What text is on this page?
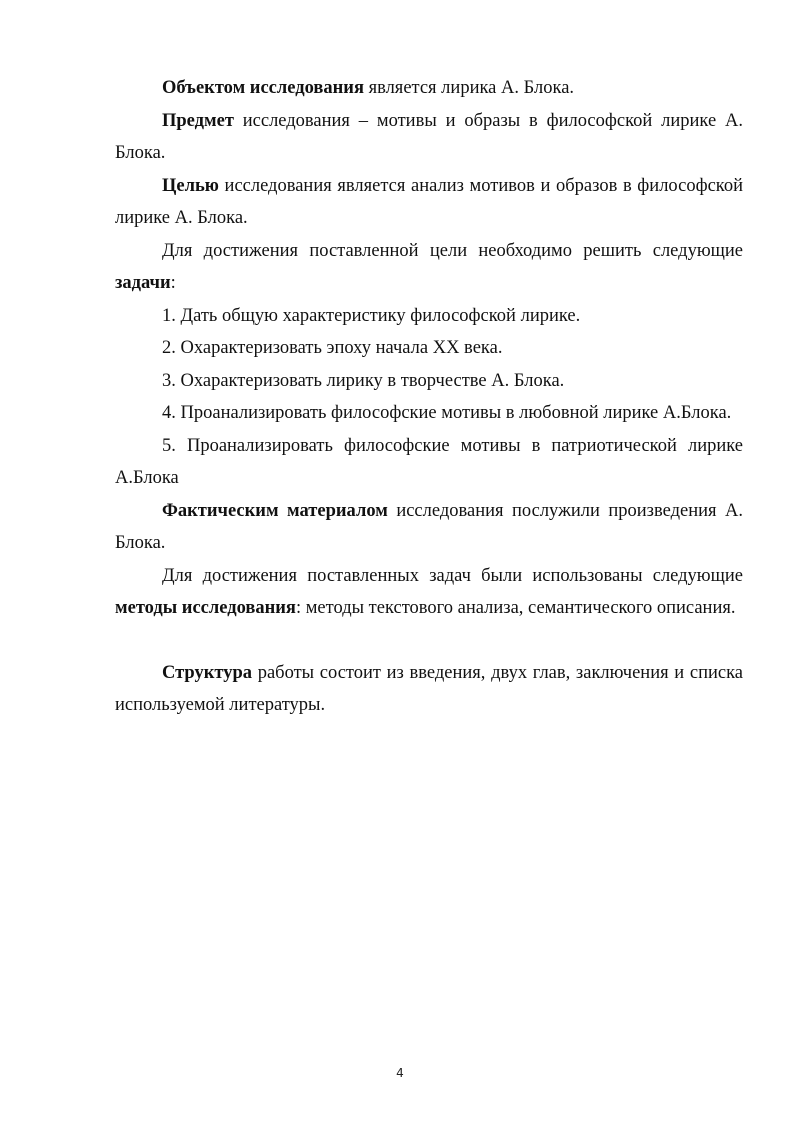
Объектом исследования является лирика А. Блока.

Предмет исследования – мотивы и образы в философской лирике А. Блока.

Целью исследования является анализ мотивов и образов в философской лирике А. Блока.

Для достижения поставленной цели необходимо решить следующие задачи:

1. Дать общую характеристику философской лирике.

2. Охарактеризовать эпоху начала XX века.

3. Охарактеризовать лирику в творчестве А. Блока.

4. Проанализировать философские мотивы в любовной лирике А.Блока.

5. Проанализировать философские мотивы в патриотической лирике А.Блока

Фактическим материалом исследования послужили произведения А. Блока.

Для достижения поставленных задач были использованы следующие методы исследования: методы текстового анализа, семантического описания.

Структура работы состоит из введения, двух глав, заключения и списка используемой литературы.

4
